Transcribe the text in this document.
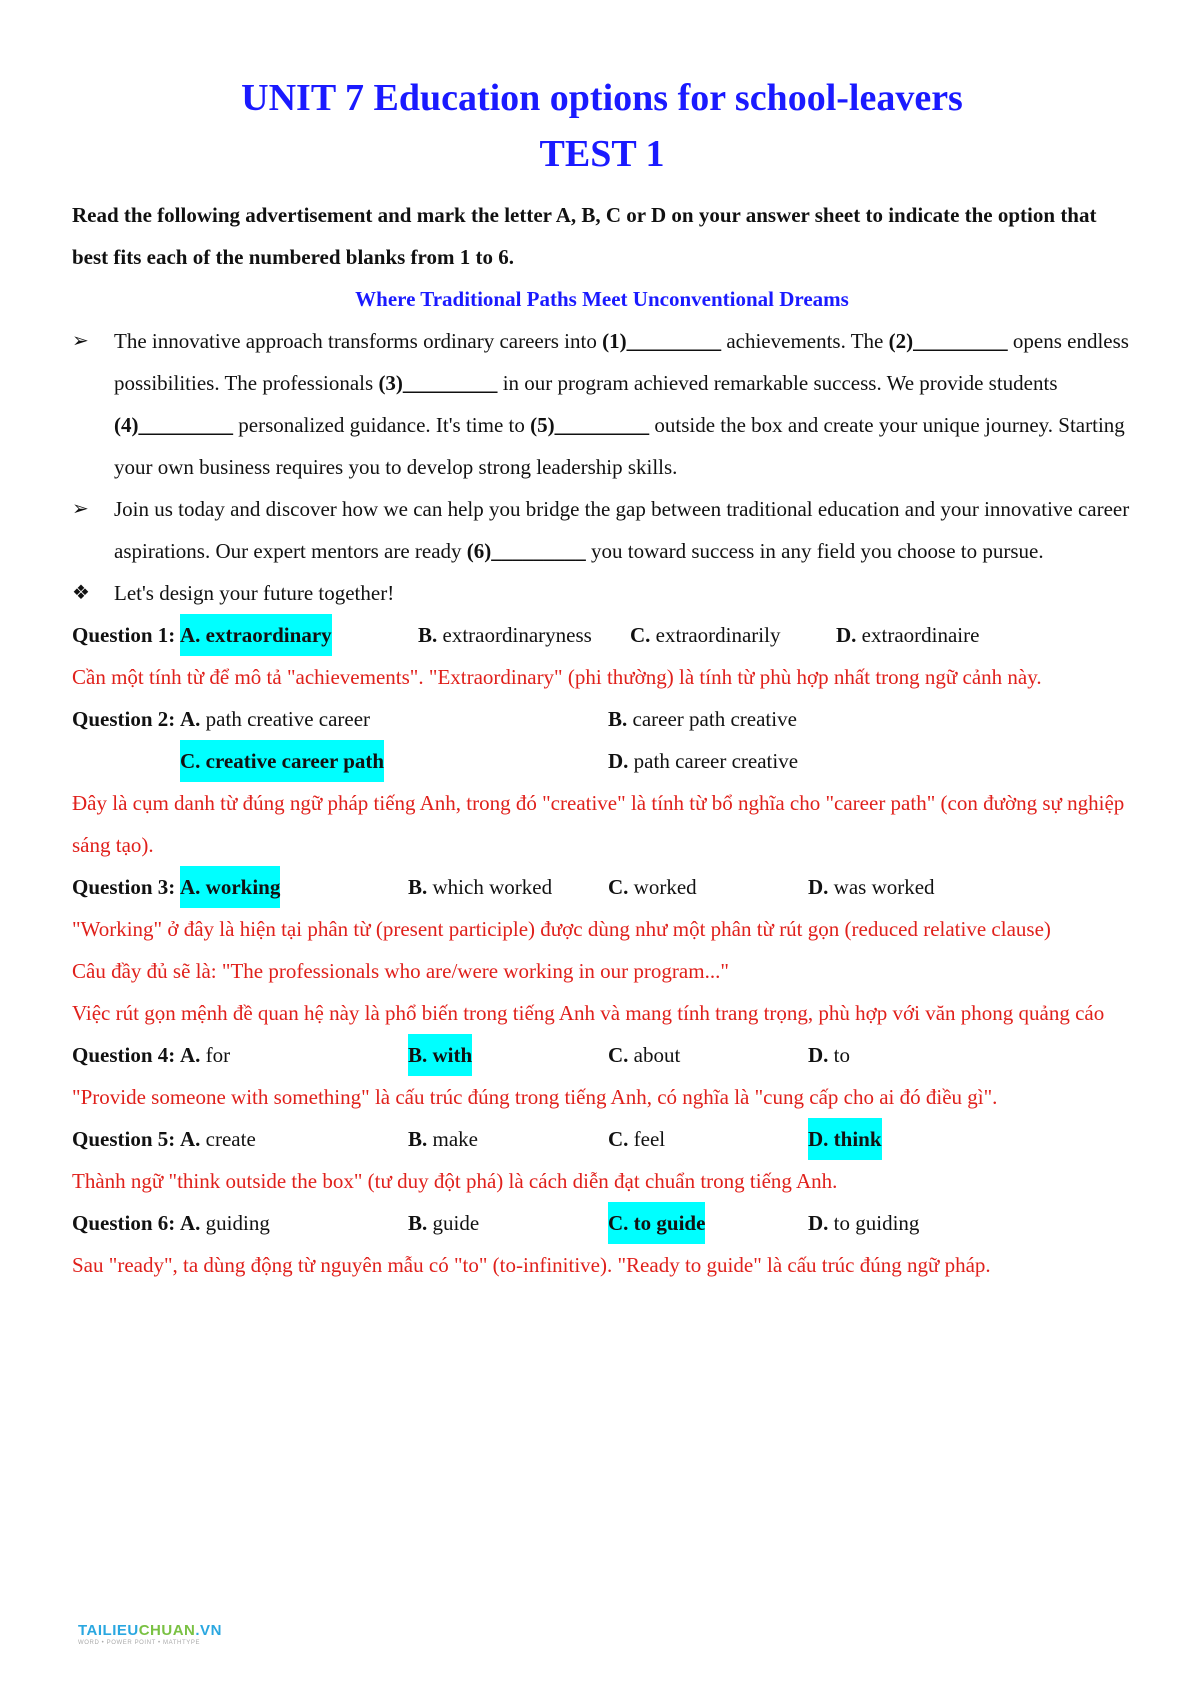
UNIT 7 Education options for school-leavers
TEST 1
Read the following advertisement and mark the letter A, B, C or D on your answer sheet to indicate the option that best fits each of the numbered blanks from 1 to 6.
Where Traditional Paths Meet Unconventional Dreams
➢	The innovative approach transforms ordinary careers into (1)_________ achievements. The (2)_________ opens endless possibilities. The professionals (3)_________ in our program achieved remarkable success. We provide students (4)_________ personalized guidance. It's time to (5)_________ outside the box and create your unique journey. Starting your own business requires you to develop strong leadership skills.
➢	Join us today and discover how we can help you bridge the gap between traditional education and your innovative career aspirations. Our expert mentors are ready (6)_________ you toward success in any field you choose to pursue.
❖	Let's design your future together!
Question 1: A. extraordinary	B. extraordinaryness C. extraordinarily	D. extraordinaire
Cần một tính từ để mô tả "achievements". "Extraordinary" (phi thường) là tính từ phù hợp nhất trong ngữ cảnh này.
Question 2: A. path creative career	B. career path creative
C. creative career path	D. path career creative
Đây là cụm danh từ đúng ngữ pháp tiếng Anh, trong đó "creative" là tính từ bổ nghĩa cho "career path" (con đường sự nghiệp sáng tạo).
Question 3: A. working	B. which worked	C. worked	D. was worked
"Working" ở đây là hiện tại phân từ (present participle) được dùng như một phân từ rút gọn (reduced relative clause)
Câu đầy đủ sẽ là: "The professionals who are/were working in our program..."
Việc rút gọn mệnh đề quan hệ này là phổ biến trong tiếng Anh và mang tính trang trọng, phù hợp với văn phong quảng cáo
Question 4: A. for	B. with	C. about	D. to
"Provide someone with something" là cấu trúc đúng trong tiếng Anh, có nghĩa là "cung cấp cho ai đó điều gì".
Question 5: A. create	B. make	C. feel	D. think
Thành ngữ "think outside the box" (tư duy đột phá) là cách diễn đạt chuẩn trong tiếng Anh.
Question 6: A. guiding	B. guide	C. to guide	D. to guiding
Sau "ready", ta dùng động từ nguyên mẫu có "to" (to-infinitive). "Ready to guide" là cấu trúc đúng ngữ pháp.
TAILIEUCHUAN.VN
WORD • POWER POINT • MATHTYPE
